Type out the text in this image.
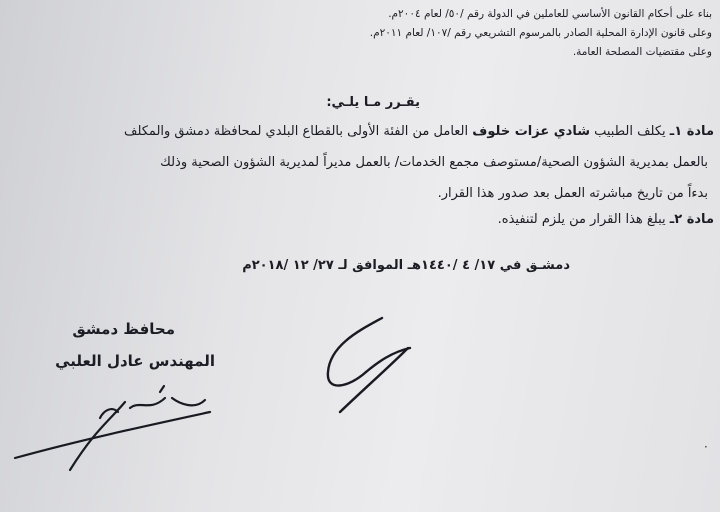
بناء على أحكام القانون الأساسي للعاملين في الدولة رقم /٥٠/ لعام ٢٠٠٤م.
وعلى قانون الإدارة المحلية الصادر بالمرسوم التشريعي رقم /١٠٧/ لعام ٢٠١١م.
وعلى مقتضيات المصلحة العامة.
يقـرر مـا يلـي:
مادة ١ـ يكلف الطبيب شادي عزات خلوف العامل من الفئة الأولى بالقطاع البلدي لمحافظة دمشق والمكلف
بالعمل بمديرية الشؤون الصحية/مستوصف مجمع الخدمات/ بالعمل مديراً لمديرية الشؤون الصحية وذلك
بدءاً من تاريخ مباشرته العمل بعد صدور هذا القرار.
مادة ٢ـ يبلغ هذا القرار من يلزم لتنفيذه.
دمشـق في ١٧/ ٤ /١٤٤٠هـ الموافق لـ ٢٧/ ١٢ /٢٠١٨م
محافظ دمشق
المهندس عادل العلبي
·
